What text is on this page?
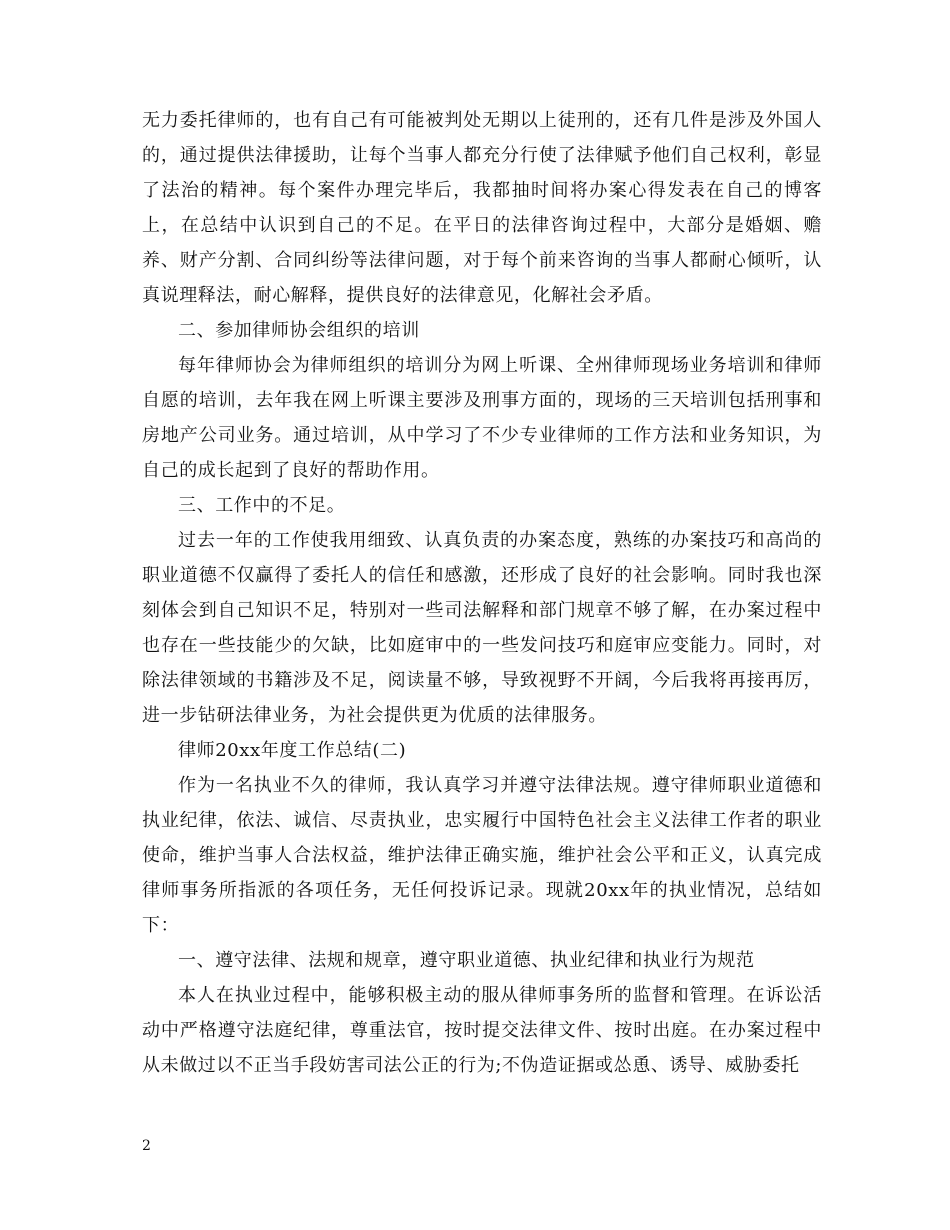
无力委托律师的，也有自己有可能被判处无期以上徒刑的，还有几件是涉及外国人的，通过提供法律援助，让每个当事人都充分行使了法律赋予他们自己权利，彰显了法治的精神。每个案件办理完毕后，我都抽时间将办案心得发表在自己的博客上，在总结中认识到自己的不足。在平日的法律咨询过程中，大部分是婚姻、赡养、财产分割、合同纠纷等法律问题，对于每个前来咨询的当事人都耐心倾听，认真说理释法，耐心解释，提供良好的法律意见，化解社会矛盾。

二、参加律师协会组织的培训

每年律师协会为律师组织的培训分为网上听课、全州律师现场业务培训和律师自愿的培训，去年我在网上听课主要涉及刑事方面的，现场的三天培训包括刑事和房地产公司业务。通过培训，从中学习了不少专业律师的工作方法和业务知识，为自己的成长起到了良好的帮助作用。

三、工作中的不足。

过去一年的工作使我用细致、认真负责的办案态度，熟练的办案技巧和高尚的职业道德不仅赢得了委托人的信任和感激，还形成了良好的社会影响。同时我也深刻体会到自己知识不足，特别对一些司法解释和部门规章不够了解，在办案过程中也存在一些技能少的欠缺，比如庭审中的一些发问技巧和庭审应变能力。同时，对除法律领域的书籍涉及不足，阅读量不够，导致视野不开阔，今后我将再接再厉，进一步钻研法律业务，为社会提供更为优质的法律服务。

律师20xx年度工作总结(二)

作为一名执业不久的律师，我认真学习并遵守法律法规。遵守律师职业道德和执业纪律，依法、诚信、尽责执业，忠实履行中国特色社会主义法律工作者的职业使命，维护当事人合法权益，维护法律正确实施，维护社会公平和正义，认真完成律师事务所指派的各项任务，无任何投诉记录。现就20xx年的执业情况，总结如下：

一、遵守法律、法规和规章，遵守职业道德、执业纪律和执业行为规范

本人在执业过程中，能够积极主动的服从律师事务所的监督和管理。在诉讼活动中严格遵守法庭纪律，尊重法官，按时提交法律文件、按时出庭。在办案过程中从未做过以不正当手段妨害司法公正的行为;不伪造证据或怂恿、诱导、威胁委托

2
